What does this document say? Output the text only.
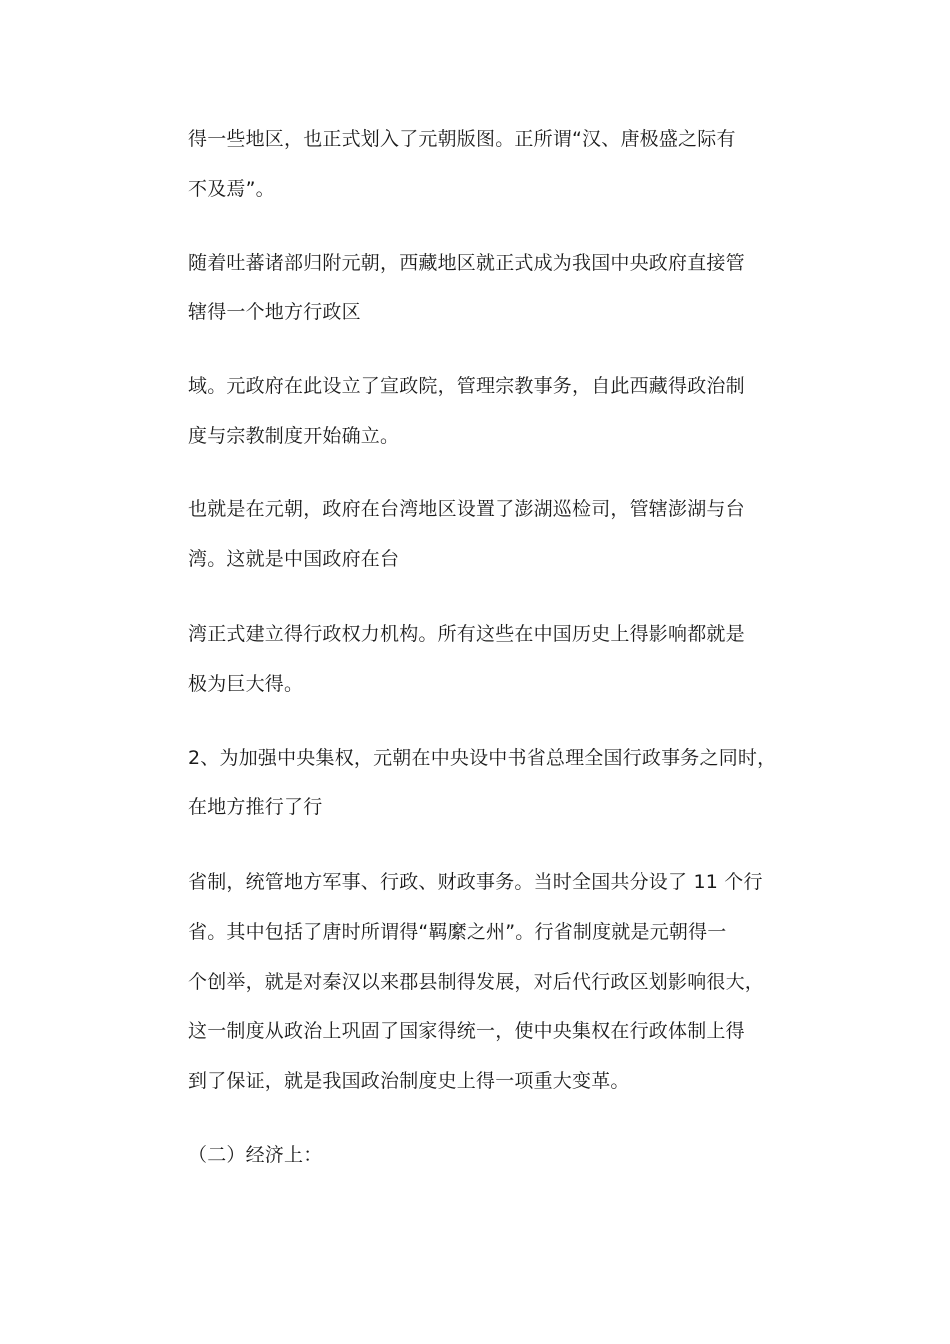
得一些地区，也正式划入了元朝版图。正所谓“汉、唐极盛之际有
不及焉”。
随着吐蕃诸部归附元朝，西藏地区就正式成为我国中央政府直接管
辖得一个地方行政区
域。元政府在此设立了宣政院，管理宗教事务，自此西藏得政治制
度与宗教制度开始确立。
也就是在元朝，政府在台湾地区设置了澎湖巡检司，管辖澎湖与台
湾。这就是中国政府在台
湾正式建立得行政权力机构。所有这些在中国历史上得影响都就是
极为巨大得。
2、为加强中央集权，元朝在中央设中书省总理全国行政事务之同时，
在地方推行了行
省制，统管地方军事、行政、财政事务。当时全国共分设了 11 个行
省。其中包括了唐时所谓得“羁縻之州”。行省制度就是元朝得一
个创举，就是对秦汉以来郡县制得发展，对后代行政区划影响很大，
这一制度从政治上巩固了国家得统一，使中央集权在行政体制上得
到了保证，就是我国政治制度史上得一项重大变革。
（二）经济上：
